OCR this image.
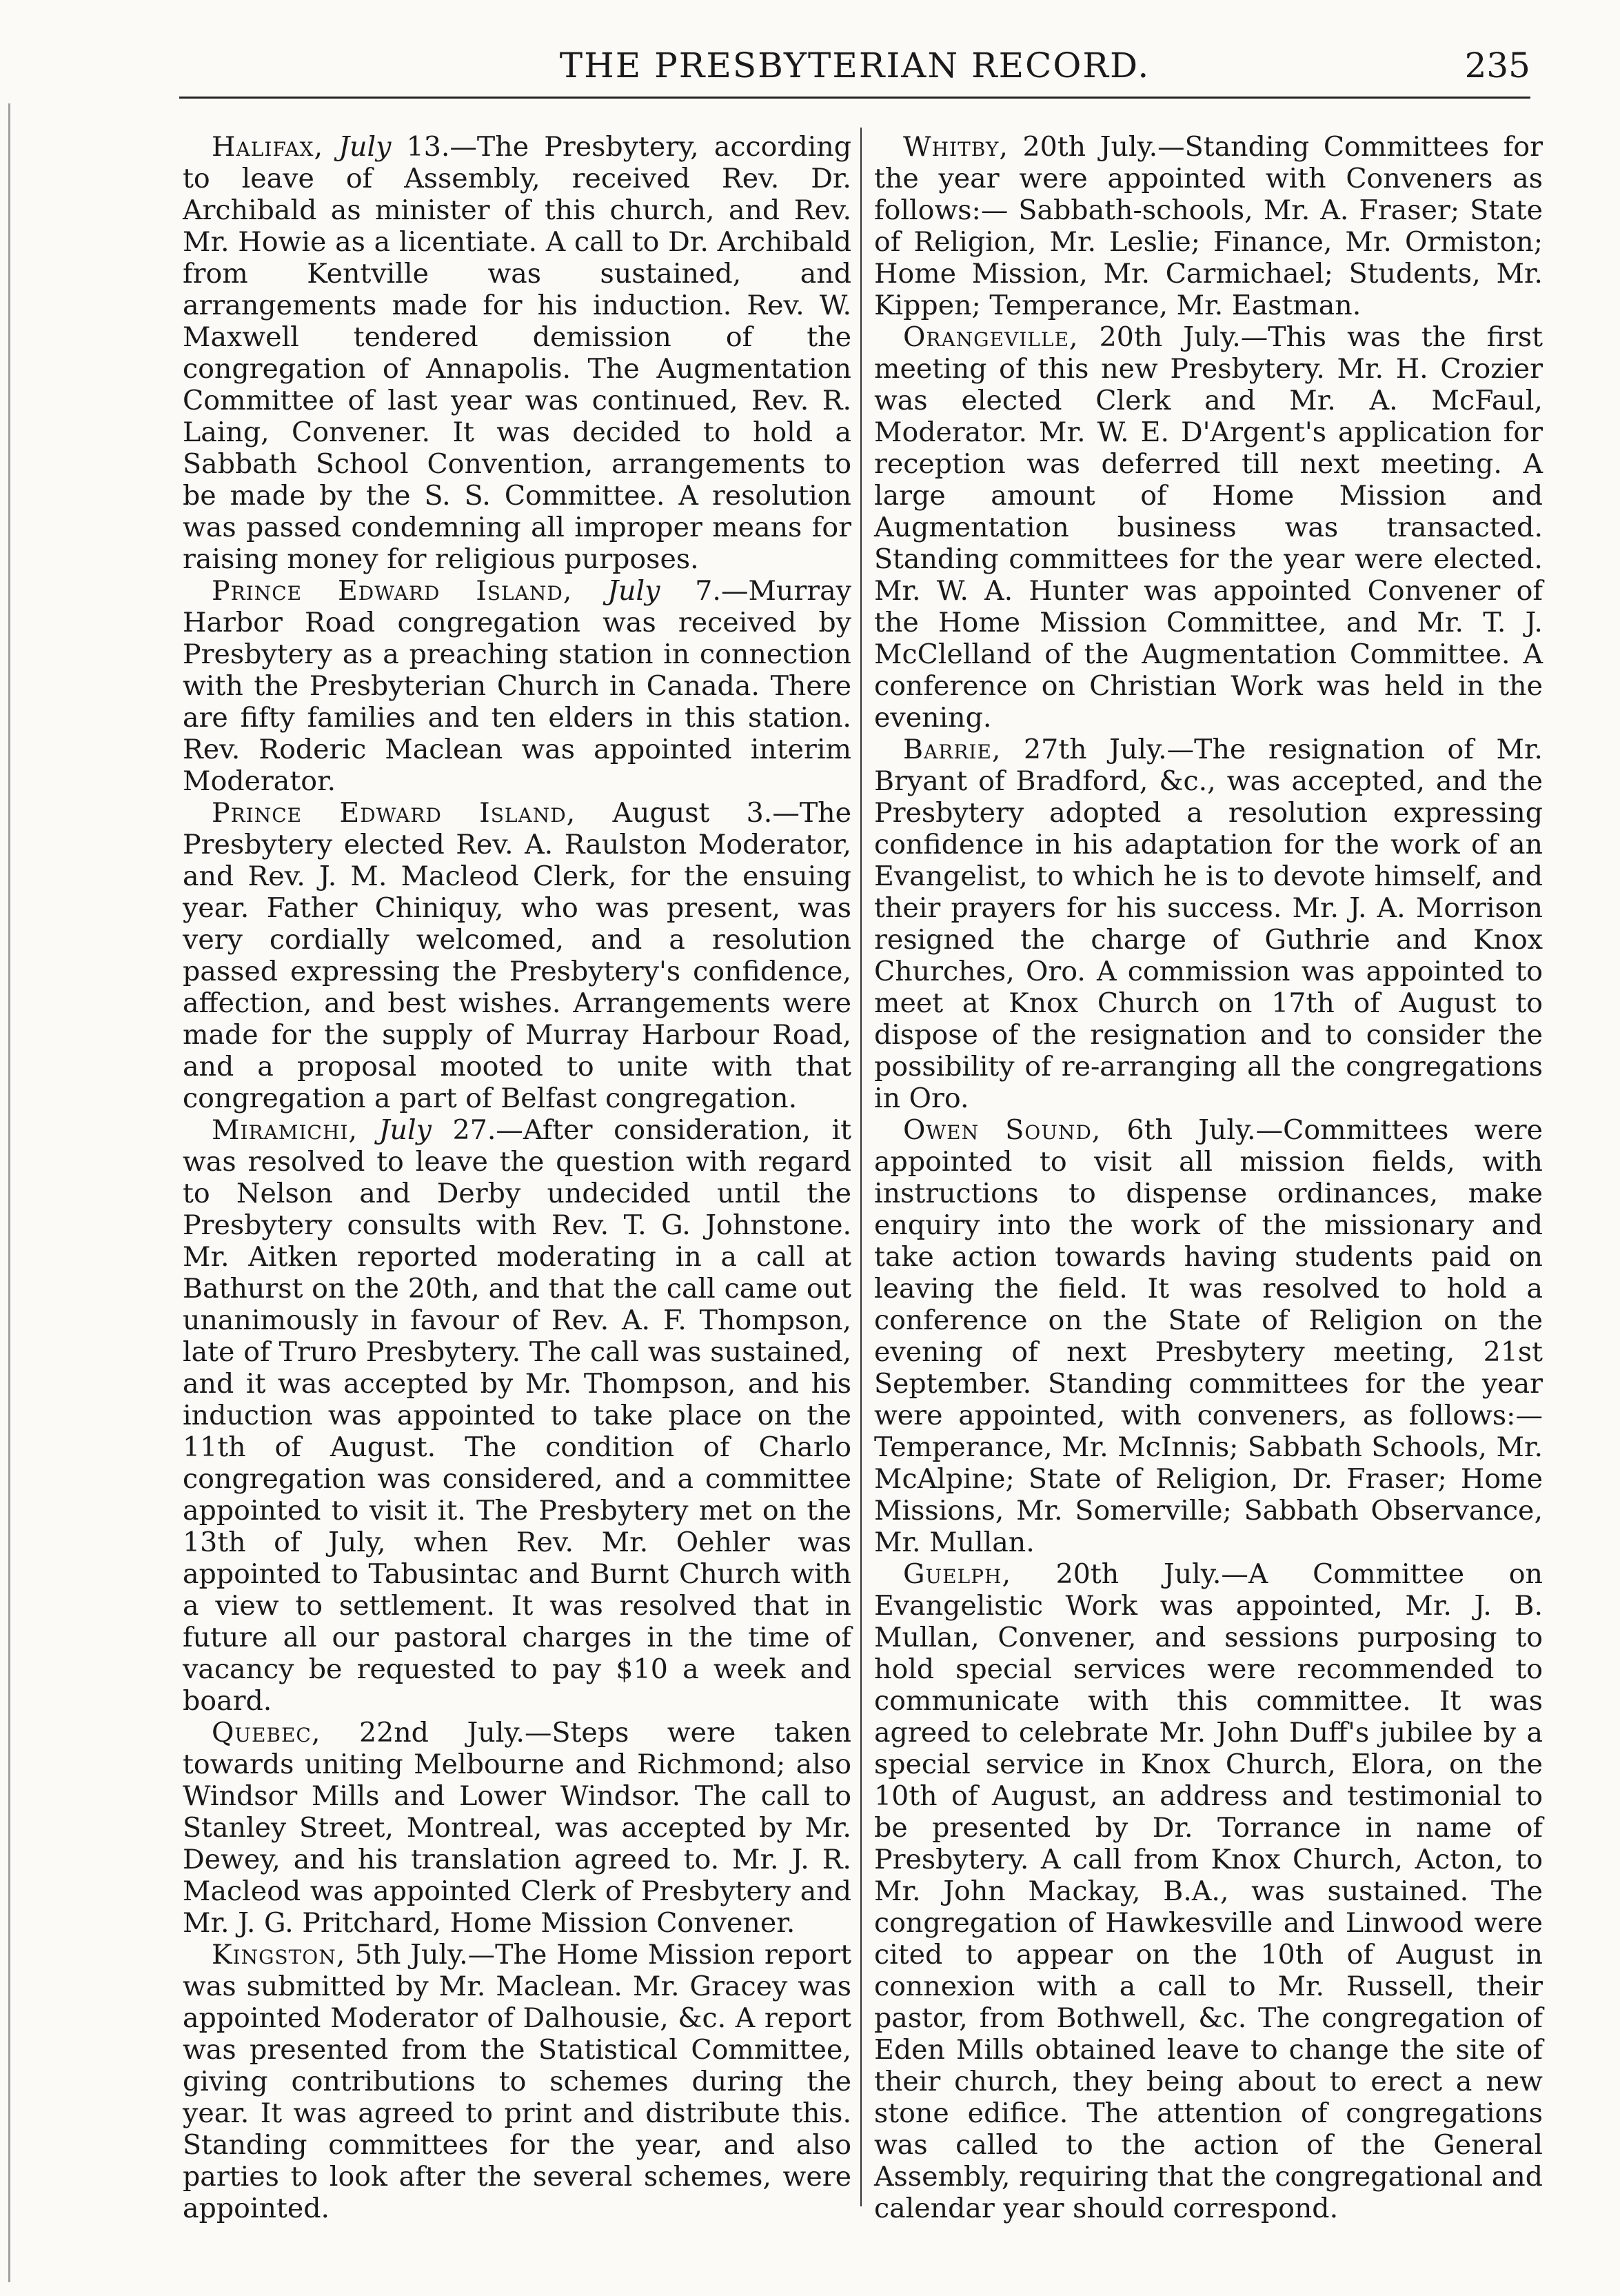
THE PRESBYTERIAN RECORD.	235

Halifax, July 13.—The Presbytery, according to leave of Assembly, received Rev. Dr. Archibald as minister of this church, and Rev. Mr. Howie as a licentiate. A call to Dr. Archibald from Kentville was sustained, and arrangements made for his induction. Rev. W. Maxwell tendered demission of the congregation of Annapolis. The Augmentation Committee of last year was continued, Rev. R. Laing, Convener. It was decided to hold a Sabbath School Convention, arrangements to be made by the S. S. Committee. A resolution was passed condemning all improper means for raising money for religious purposes.

Prince Edward Island, July 7.—Murray Harbor Road congregation was received by Presbytery as a preaching station in connection with the Presbyterian Church in Canada. There are fifty families and ten elders in this station. Rev. Roderic Maclean was appointed interim Moderator.

Prince Edward Island, August 3.—The Presbytery elected Rev. A. Raulston Moderator, and Rev. J. M. Macleod Clerk, for the ensuing year. Father Chiniquy, who was present, was very cordially welcomed, and a resolution passed expressing the Presbytery's confidence, affection, and best wishes. Arrangements were made for the supply of Murray Harbour Road, and a proposal mooted to unite with that congregation a part of Belfast congregation.

Miramichi, July 27.—After consideration, it was resolved to leave the question with regard to Nelson and Derby undecided until the Presbytery consults with Rev. T. G. Johnstone. Mr. Aitken reported moderating in a call at Bathurst on the 20th, and that the call came out unanimously in favour of Rev. A. F. Thompson, late of Truro Presbytery. The call was sustained, and it was accepted by Mr. Thompson, and his induction was appointed to take place on the 11th of August. The condition of Charlo congregation was considered, and a committee appointed to visit it. The Presbytery met on the 13th of July, when Rev. Mr. Oehler was appointed to Tabusintac and Burnt Church with a view to settlement. It was resolved that in future all our pastoral charges in the time of vacancy be requested to pay $10 a week and board.

Quebec, 22nd July.—Steps were taken towards uniting Melbourne and Richmond; also Windsor Mills and Lower Windsor. The call to Stanley Street, Montreal, was accepted by Mr. Dewey, and his translation agreed to. Mr. J. R. Macleod was appointed Clerk of Presbytery and Mr. J. G. Pritchard, Home Mission Convener.

Kingston, 5th July.—The Home Mission report was submitted by Mr. Maclean. Mr. Gracey was appointed Moderator of Dalhousie, &c. A report was presented from the Statistical Committee, giving contributions to schemes during the year. It was agreed to print and distribute this. Standing committees for the year, and also parties to look after the several schemes, were appointed.

Whitby, 20th July.—Standing Committees for the year were appointed with Conveners as follows:— Sabbath-schools, Mr. A. Fraser; State of Religion, Mr. Leslie; Finance, Mr. Ormiston; Home Mission, Mr. Carmichael; Students, Mr. Kippen; Temperance, Mr. Eastman.

Orangeville, 20th July.—This was the first meeting of this new Presbytery. Mr. H. Crozier was elected Clerk and Mr. A. McFaul, Moderator. Mr. W. E. D'Argent's application for reception was deferred till next meeting. A large amount of Home Mission and Augmentation business was transacted. Standing committees for the year were elected. Mr. W. A. Hunter was appointed Convener of the Home Mission Committee, and Mr. T. J. McClelland of the Augmentation Committee. A conference on Christian Work was held in the evening.

Barrie, 27th July.—The resignation of Mr. Bryant of Bradford, &c., was accepted, and the Presbytery adopted a resolution expressing confidence in his adaptation for the work of an Evangelist, to which he is to devote himself, and their prayers for his success. Mr. J. A. Morrison resigned the charge of Guthrie and Knox Churches, Oro. A commission was appointed to meet at Knox Church on 17th of August to dispose of the resignation and to consider the possibility of re-arranging all the congregations in Oro.

Owen Sound, 6th July.—Committees were appointed to visit all mission fields, with instructions to dispense ordinances, make enquiry into the work of the missionary and take action towards having students paid on leaving the field. It was resolved to hold a conference on the State of Religion on the evening of next Presbytery meeting, 21st September. Standing committees for the year were appointed, with conveners, as follows:— Temperance, Mr. McInnis; Sabbath Schools, Mr. McAlpine; State of Religion, Dr. Fraser; Home Missions, Mr. Somerville; Sabbath Observance, Mr. Mullan.

Guelph, 20th July.—A Committee on Evangelistic Work was appointed, Mr. J. B. Mullan, Convener, and sessions purposing to hold special services were recommended to communicate with this committee. It was agreed to celebrate Mr. John Duff's jubilee by a special service in Knox Church, Elora, on the 10th of August, an address and testimonial to be presented by Dr. Torrance in name of Presbytery. A call from Knox Church, Acton, to Mr. John Mackay, B.A., was sustained. The congregation of Hawkesville and Linwood were cited to appear on the 10th of August in connexion with a call to Mr. Russell, their pastor, from Bothwell, &c. The congregation of Eden Mills obtained leave to change the site of their church, they being about to erect a new stone edifice. The attention of congregations was called to the action of the General Assembly, requiring that the congregational and calendar year should correspond.
